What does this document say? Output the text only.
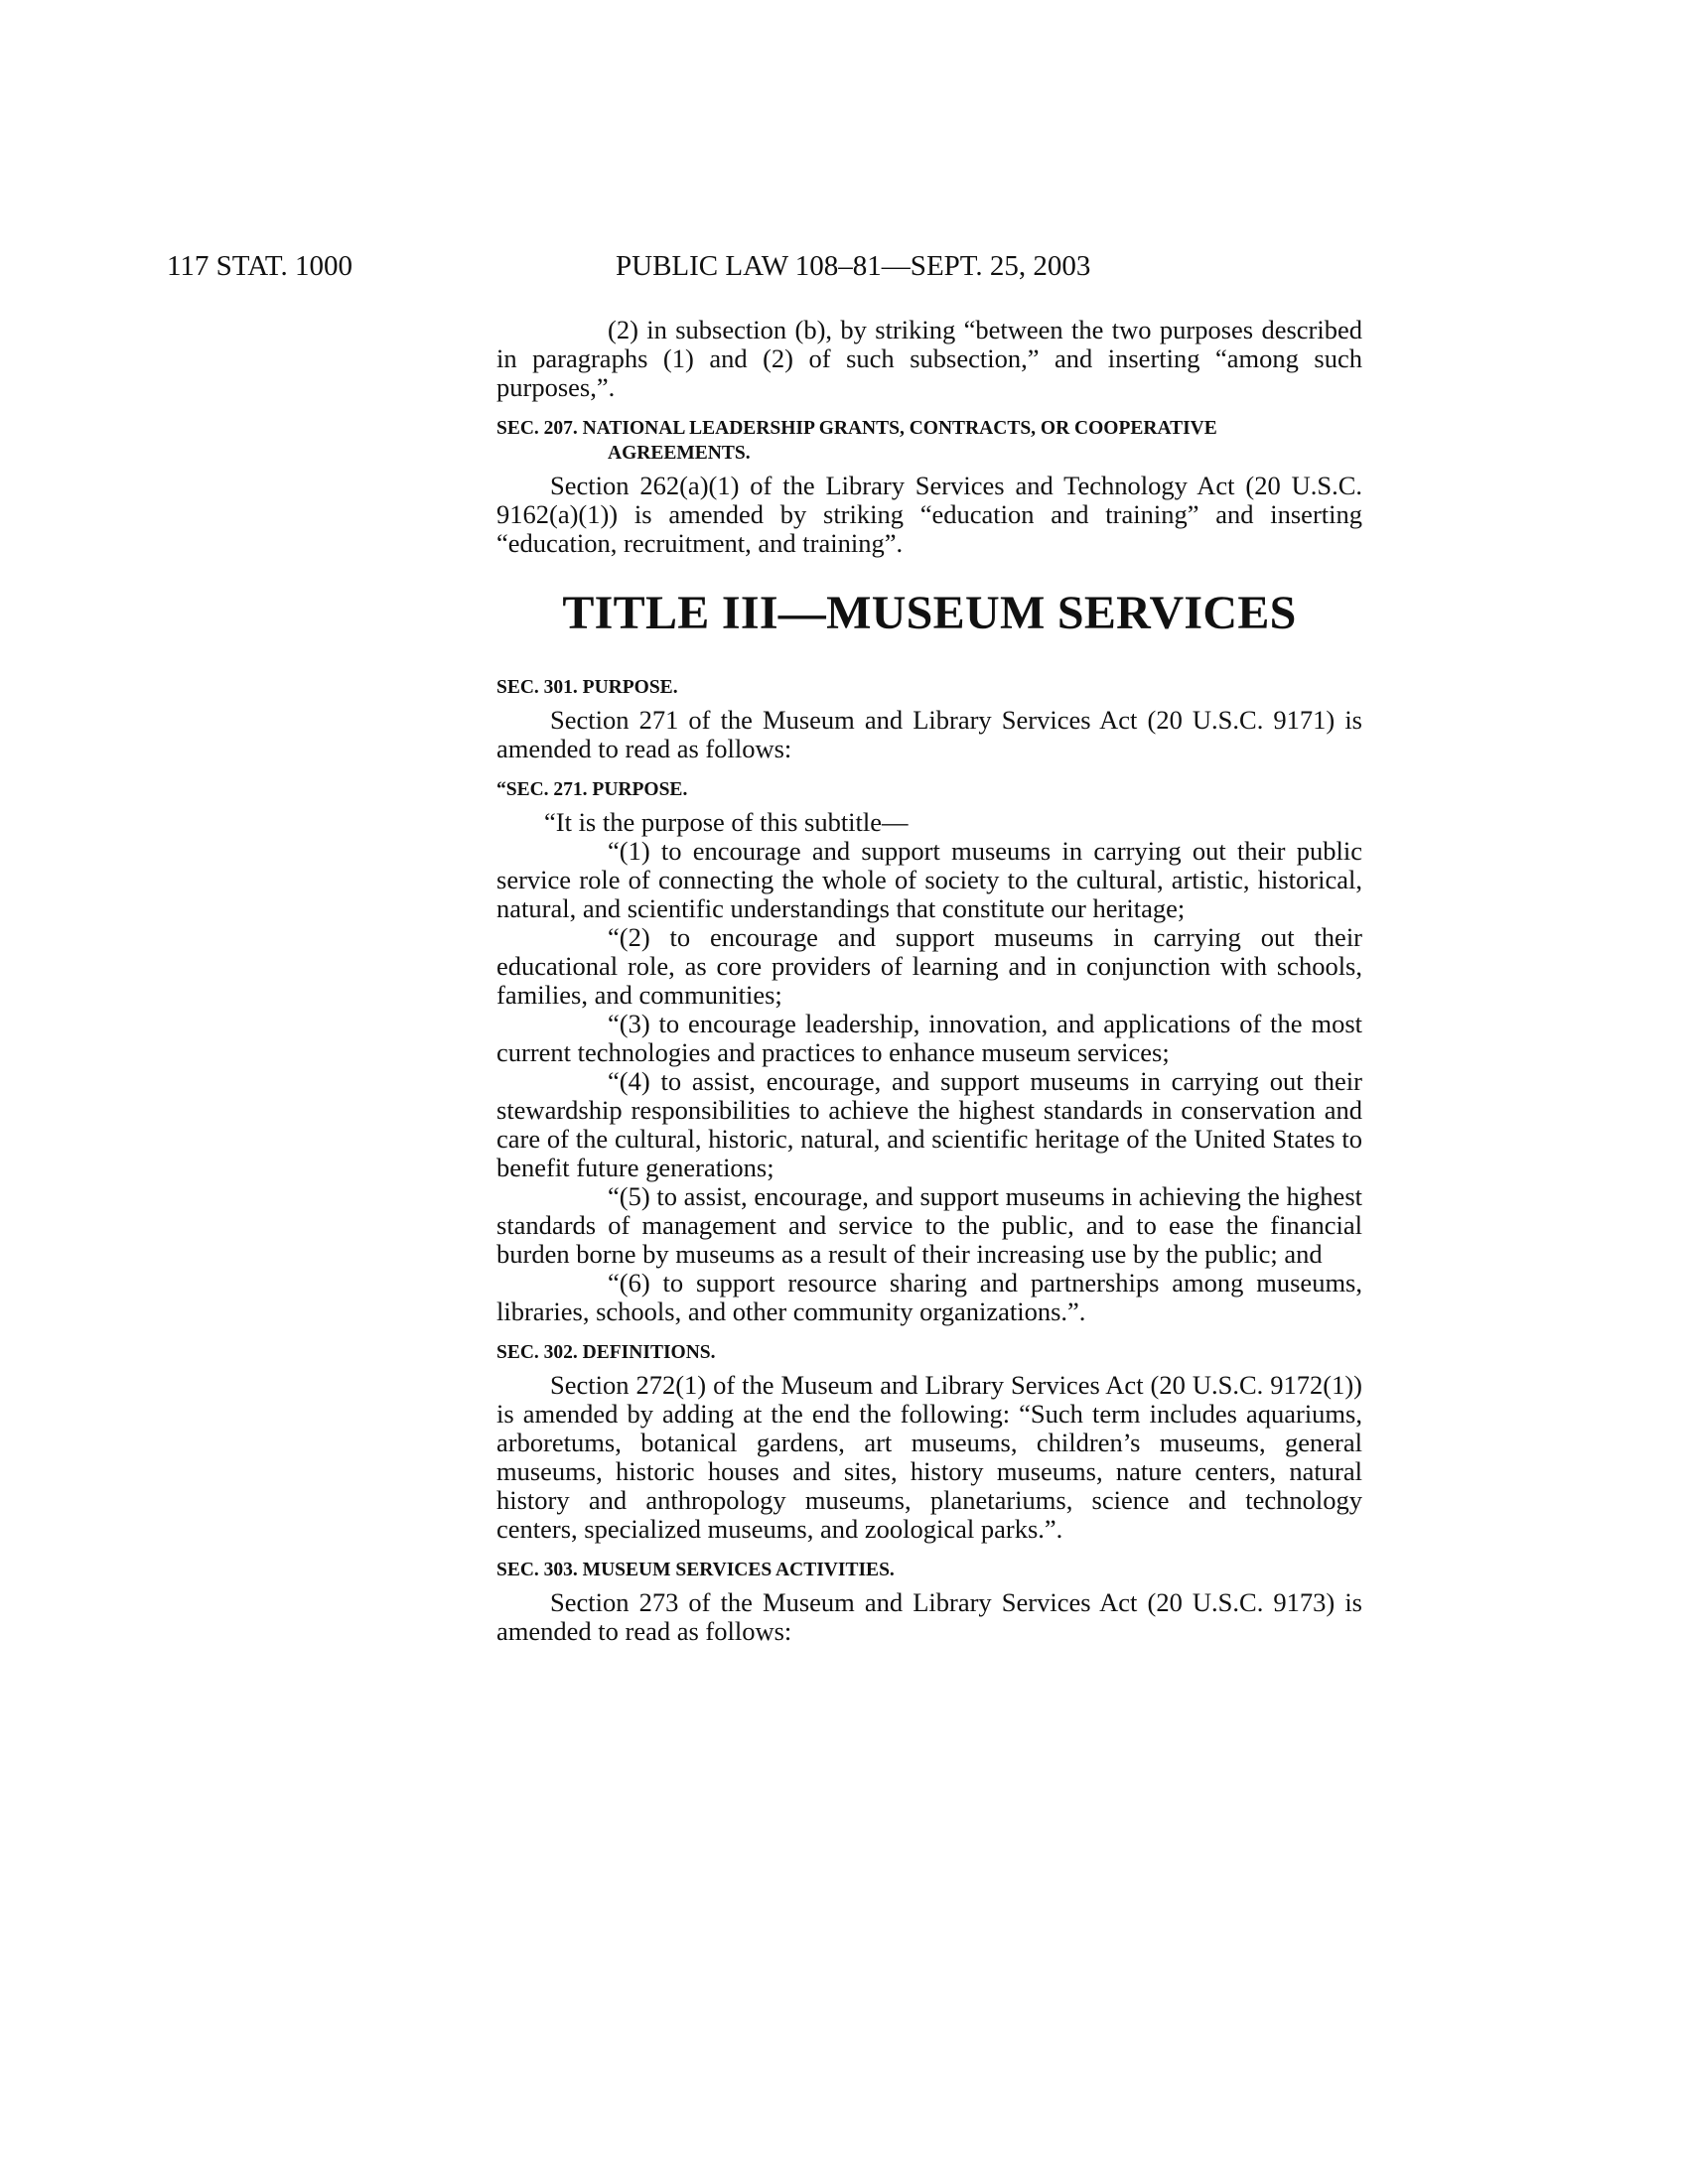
117 STAT. 1000	PUBLIC LAW 108–81—SEPT. 25, 2003

(2) in subsection (b), by striking “between the two purposes described in paragraphs (1) and (2) of such subsection,” and inserting “among such purposes,”.

SEC. 207. NATIONAL LEADERSHIP GRANTS, CONTRACTS, OR COOPERATIVE AGREEMENTS.

Section 262(a)(1) of the Library Services and Technology Act (20 U.S.C. 9162(a)(1)) is amended by striking “education and training” and inserting “education, recruitment, and training”.

TITLE III—MUSEUM SERVICES
SEC. 301. PURPOSE.

Section 271 of the Museum and Library Services Act (20 U.S.C. 9171) is amended to read as follows:

“SEC. 271. PURPOSE.

“It is the purpose of this subtitle—

“(1) to encourage and support museums in carrying out their public service role of connecting the whole of society to the cultural, artistic, historical, natural, and scientific understandings that constitute our heritage;

“(2) to encourage and support museums in carrying out their educational role, as core providers of learning and in conjunction with schools, families, and communities;

“(3) to encourage leadership, innovation, and applications of the most current technologies and practices to enhance museum services;

“(4) to assist, encourage, and support museums in carrying out their stewardship responsibilities to achieve the highest standards in conservation and care of the cultural, historic, natural, and scientific heritage of the United States to benefit future generations;

“(5) to assist, encourage, and support museums in achieving the highest standards of management and service to the public, and to ease the financial burden borne by museums as a result of their increasing use by the public; and

“(6) to support resource sharing and partnerships among museums, libraries, schools, and other community organizations.”.

SEC. 302. DEFINITIONS.

Section 272(1) of the Museum and Library Services Act (20 U.S.C. 9172(1)) is amended by adding at the end the following: “Such term includes aquariums, arboretums, botanical gardens, art museums, children’s museums, general museums, historic houses and sites, history museums, nature centers, natural history and anthropology museums, planetariums, science and technology centers, specialized museums, and zoological parks.”.

SEC. 303. MUSEUM SERVICES ACTIVITIES.

Section 273 of the Museum and Library Services Act (20 U.S.C. 9173) is amended to read as follows:
